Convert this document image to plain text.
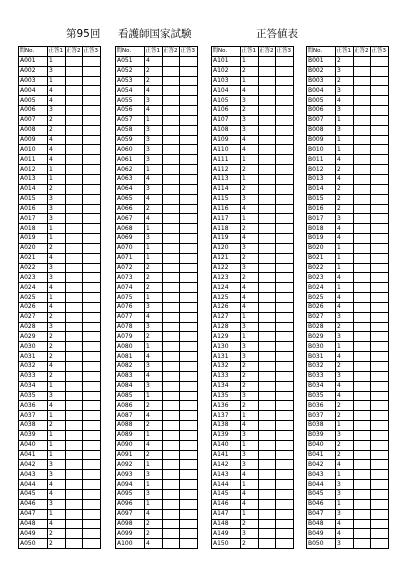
第95回 看護師国家試験	正答値表
問No.	正答1	正答2	正答3
A001	1		
A002	3		
A003	1		
A004	4		
A005	4		
A006	3		
A007	2		
A008	2		
A009	4		
A010	4		
A011	4		
A012	1		
A013	1		
A014	2		
A015	3		
A016	3		
A017	3		
A018	1		
A019	1		
A020	2		
A021	4		
A022	3		
A023	3		
A024	4		
A025	1		
A026	4		
A027	2		
A028	3		
A029	2		
A030	2		
A031	2		
A032	4		
A033	2		
A034	1		
A035	3		
A036	4		
A037	1		
A038	2		
A039	1		
A040	1		
A041	1		
A042	3		
A043	3		
A044	4		
A045	4		
A046	3		
A047	1		
A048	4		
A049	2		
A050	2		
問No.	正答1	正答2	正答3
A051	4		
A052	2		
A053	2		
A054	4		
A055	3		
A056	4		
A057	1		
A058	3		
A059	3		
A060	3		
A061	3		
A062	1		
A063	4		
A064	3		
A065	4		
A066	2		
A067	4		
A068	1		
A069	3		
A070	1		
A071	1		
A072	2		
A073	2		
A074	2		
A075	1		
A076	3		
A077	4		
A078	3		
A079	2		
A080	1		
A081	4		
A082	3		
A083	4		
A084	3		
A085	1		
A086	2		
A087	4		
A088	2		
A089	1		
A090	4		
A091	2		
A092	1		
A093	3		
A094	1		
A095	3		
A096	1		
A097	4		
A098	2		
A099	2		
A100	4		
問No.	正答1	正答2	正答3
A101	1		
A102	2		
A103	1		
A104	4		
A105	3		
A106	2		
A107	3		
A108	3		
A109	4		
A110	4		
A111	1		
A112	2		
A113	1		
A114	2		
A115	3		
A116	4		
A117	1		
A118	2		
A119	4		
A120	3		
A121	2		
A122	3		
A123	2		
A124	4		
A125	4		
A126	4		
A127	1		
A128	3		
A129	1		
A130	3		
A131	3		
A132	2		
A133	2		
A134	2		
A135	3		
A136	2		
A137	1		
A138	4		
A139	3		
A140	1		
A141	3		
A142	3		
A143	4		
A144	1		
A145	4		
A146	4		
A147	1		
A148	2		
A149	3		
A150	2		
問No.	正答1	正答2	正答3
B001	2		
B002	3		
B003	2		
B004	3		
B005	4		
B006	3		
B007	1		
B008	3		
B009	1		
B010	1		
B011	4		
B012	2		
B013	4		
B014	2		
B015	2		
B016	2		
B017	3		
B018	4		
B019	4		
B020	1		
B021	1		
B022	1		
B023	4		
B024	1		
B025	4		
B026	4		
B027	3		
B028	2		
B029	3		
B030	1		
B031	4		
B032	2		
B033	3		
B034	4		
B035	4		
B036	2		
B037	2		
B038	1		
B039	3		
B040	2		
B041	2		
B042	4		
B043	1		
B044	3		
B045	3		
B046	1		
B047	3		
B048	4		
B049	4		
B050	3		
